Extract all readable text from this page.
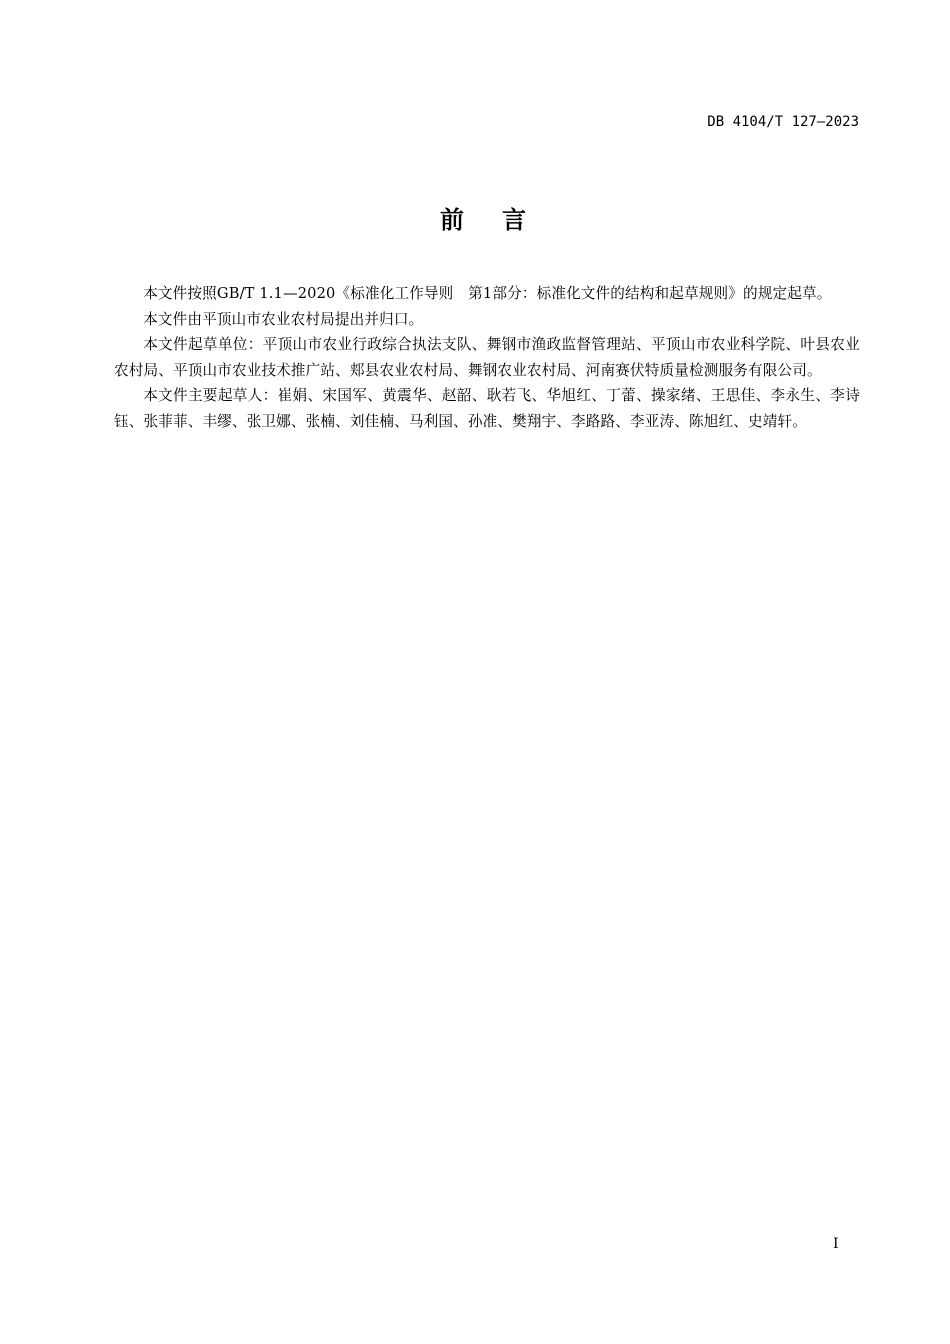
DB 4104/T 127—2023
前言

本文件按照GB/T 1.1—2020《标准化工作导则　第1部分：标准化文件的结构和起草规则》的规定起草。

本文件由平顶山市农业农村局提出并归口。

本文件起草单位：平顶山市农业行政综合执法支队、舞钢市渔政监督管理站、平顶山市农业科学院、叶县农业农村局、平顶山市农业技术推广站、郏县农业农村局、舞钢农业农村局、河南赛伏特质量检测服务有限公司。

本文件主要起草人：崔娟、宋国军、黄震华、赵韶、耿若飞、华旭红、丁蕾、操家绪、王思佳、李永生、李诗钰、张菲菲、丰缪、张卫娜、张楠、刘佳楠、马利国、孙准、樊翔宇、李路路、李亚涛、陈旭红、史靖轩。

I
